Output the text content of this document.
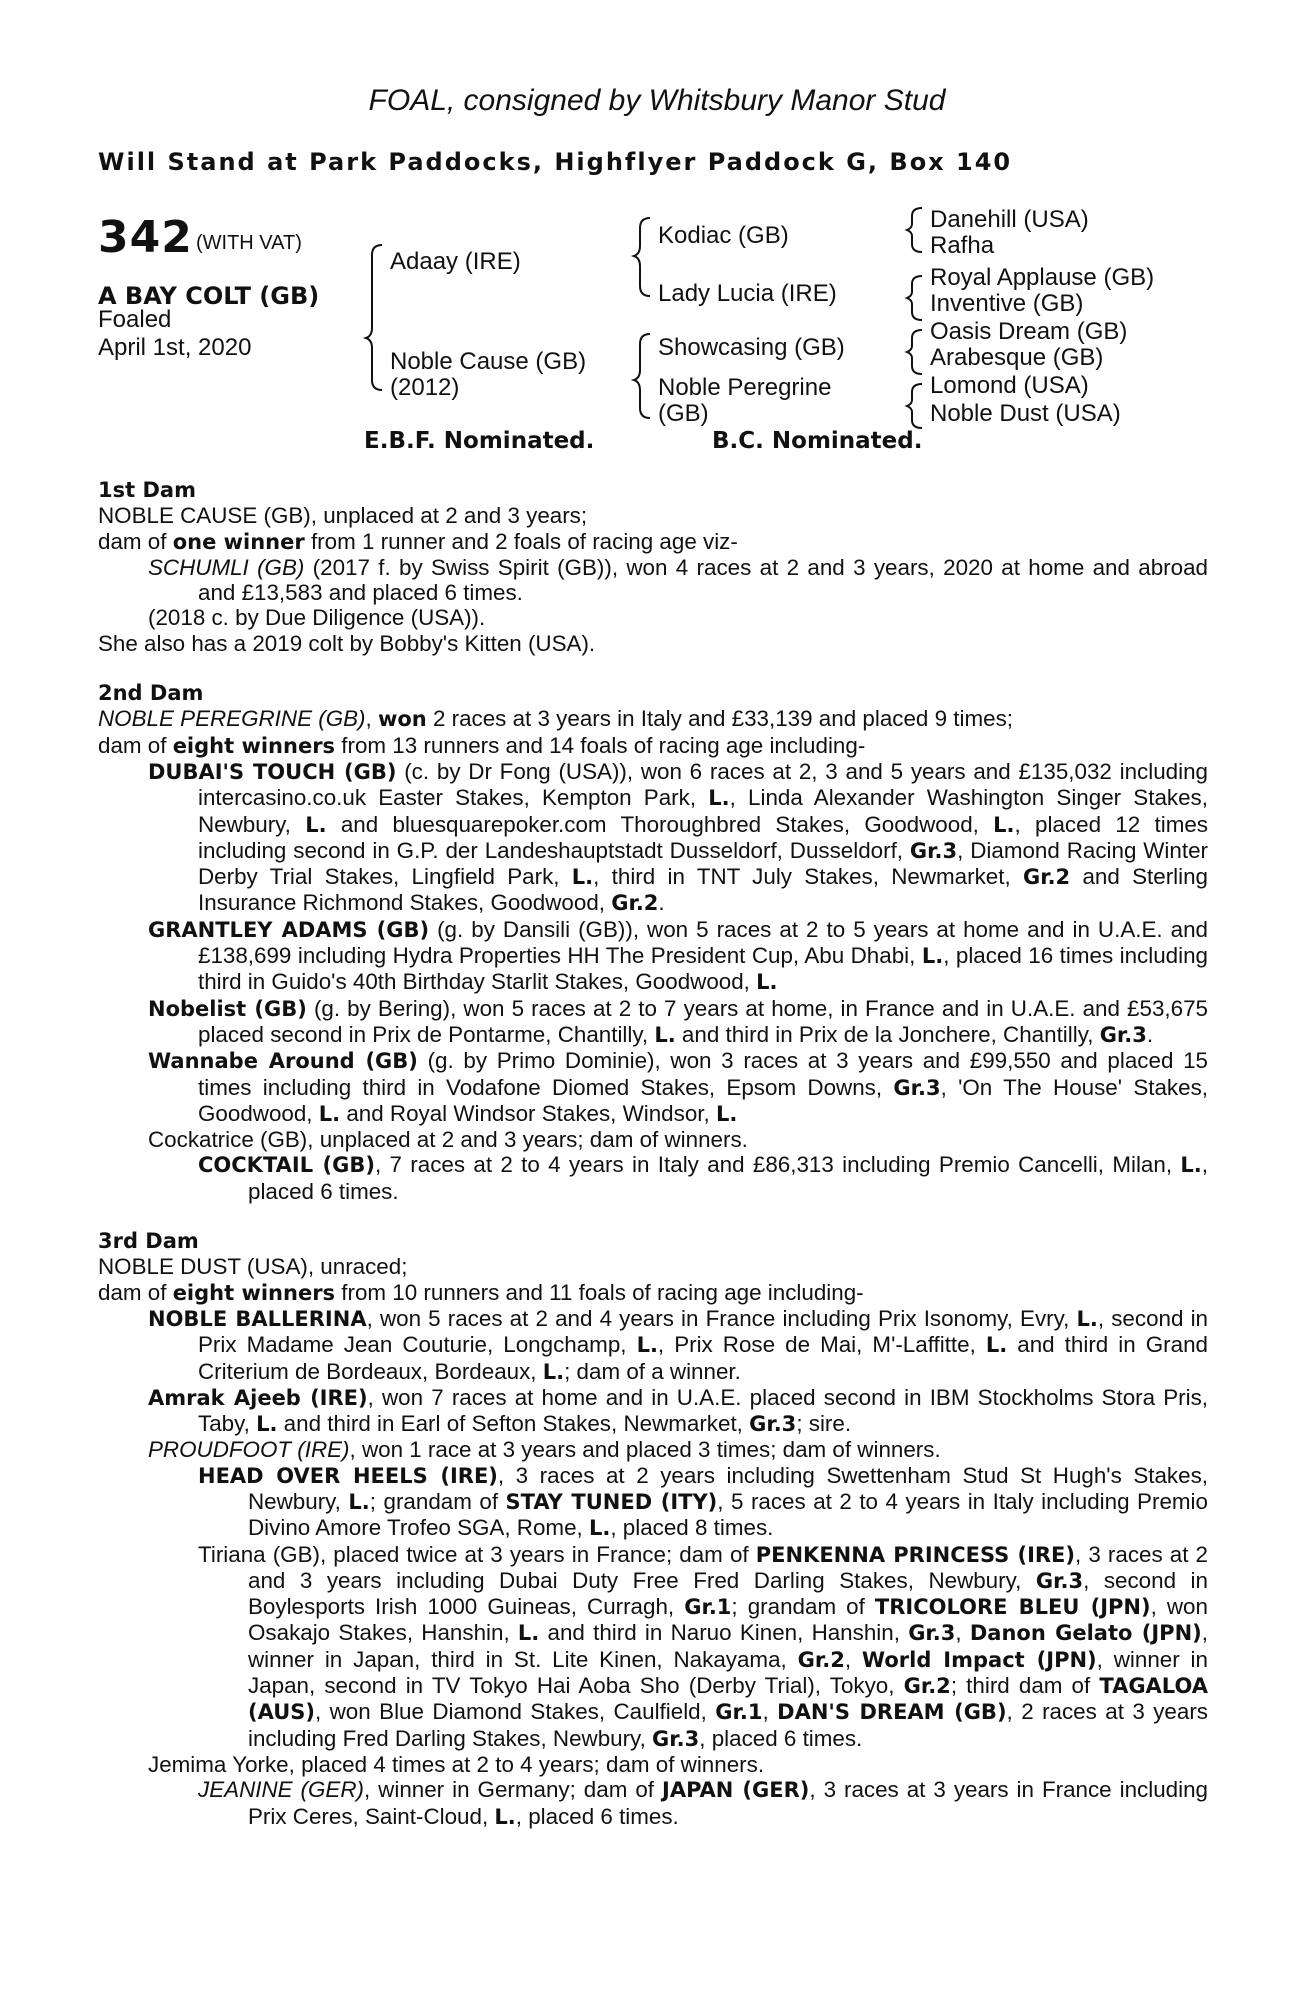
FOAL, consigned by Whitsbury Manor Stud
Will Stand at Park Paddocks, Highflyer Paddock G, Box 140
342 (WITH VAT)
A BAY COLT (GB)
Foaled
April 1st, 2020
Adaay (IRE)
Noble Cause (GB)
(2012)
Kodiac (GB)
Lady Lucia (IRE)
Showcasing (GB)
Noble Peregrine
(GB)
Danehill (USA)
Rafha
Royal Applause (GB)
Inventive (GB)
Oasis Dream (GB)
Arabesque (GB)
Lomond (USA)
Noble Dust (USA)
E.B.F. Nominated.	B.C. Nominated.

1st Dam

NOBLE CAUSE (GB), unplaced at 2 and 3 years;

dam of one winner from 1 runner and 2 foals of racing age viz-

SCHUMLI (GB) (2017 f. by Swiss Spirit (GB)), won 4 races at 2 and 3 years, 2020 at home and abroad and £13,583 and placed 6 times.

(2018 c. by Due Diligence (USA)).

She also has a 2019 colt by Bobby's Kitten (USA).

2nd Dam

NOBLE PEREGRINE (GB), won 2 races at 3 years in Italy and £33,139 and placed 9 times;

dam of eight winners from 13 runners and 14 foals of racing age including-

DUBAI'S TOUCH (GB) (c. by Dr Fong (USA)), won 6 races at 2, 3 and 5 years and £135,032 including intercasino.co.uk Easter Stakes, Kempton Park, L., Linda Alexander Washington Singer Stakes, Newbury, L. and bluesquarepoker.com Thoroughbred Stakes, Goodwood, L., placed 12 times including second in G.P. der Landeshauptstadt Dusseldorf, Dusseldorf, Gr.3, Diamond Racing Winter Derby Trial Stakes, Lingfield Park, L., third in TNT July Stakes, Newmarket, Gr.2 and Sterling Insurance Richmond Stakes, Goodwood, Gr.2.

GRANTLEY ADAMS (GB) (g. by Dansili (GB)), won 5 races at 2 to 5 years at home and in U.A.E. and £138,699 including Hydra Properties HH The President Cup, Abu Dhabi, L., placed 16 times including third in Guido's 40th Birthday Starlit Stakes, Goodwood, L.

Nobelist (GB) (g. by Bering), won 5 races at 2 to 7 years at home, in France and in U.A.E. and £53,675 placed second in Prix de Pontarme, Chantilly, L. and third in Prix de la Jonchere, Chantilly, Gr.3.

Wannabe Around (GB) (g. by Primo Dominie), won 3 races at 3 years and £99,550 and placed 15 times including third in Vodafone Diomed Stakes, Epsom Downs, Gr.3, 'On The House' Stakes, Goodwood, L. and Royal Windsor Stakes, Windsor, L.

Cockatrice (GB), unplaced at 2 and 3 years; dam of winners.

COCKTAIL (GB), 7 races at 2 to 4 years in Italy and £86,313 including Premio Cancelli, Milan, L., placed 6 times.

3rd Dam

NOBLE DUST (USA), unraced;

dam of eight winners from 10 runners and 11 foals of racing age including-

NOBLE BALLERINA, won 5 races at 2 and 4 years in France including Prix Isonomy, Evry, L., second in Prix Madame Jean Couturie, Longchamp, L., Prix Rose de Mai, M'-Laffitte, L. and third in Grand Criterium de Bordeaux, Bordeaux, L.; dam of a winner.

Amrak Ajeeb (IRE), won 7 races at home and in U.A.E. placed second in IBM Stockholms Stora Pris, Taby, L. and third in Earl of Sefton Stakes, Newmarket, Gr.3; sire.

PROUDFOOT (IRE), won 1 race at 3 years and placed 3 times; dam of winners.

HEAD OVER HEELS (IRE), 3 races at 2 years including Swettenham Stud St Hugh's Stakes, Newbury, L.; grandam of STAY TUNED (ITY), 5 races at 2 to 4 years in Italy including Premio Divino Amore Trofeo SGA, Rome, L., placed 8 times.

Tiriana (GB), placed twice at 3 years in France; dam of PENKENNA PRINCESS (IRE), 3 races at 2 and 3 years including Dubai Duty Free Fred Darling Stakes, Newbury, Gr.3, second in Boylesports Irish 1000 Guineas, Curragh, Gr.1; grandam of TRICOLORE BLEU (JPN), won Osakajo Stakes, Hanshin, L. and third in Naruo Kinen, Hanshin, Gr.3, Danon Gelato (JPN), winner in Japan, third in St. Lite Kinen, Nakayama, Gr.2, World Impact (JPN), winner in Japan, second in TV Tokyo Hai Aoba Sho (Derby Trial), Tokyo, Gr.2; third dam of TAGALOA (AUS), won Blue Diamond Stakes, Caulfield, Gr.1, DAN'S DREAM (GB), 2 races at 3 years including Fred Darling Stakes, Newbury, Gr.3, placed 6 times.

Jemima Yorke, placed 4 times at 2 to 4 years; dam of winners.

JEANINE (GER), winner in Germany; dam of JAPAN (GER), 3 races at 3 years in France including Prix Ceres, Saint-Cloud, L., placed 6 times.
